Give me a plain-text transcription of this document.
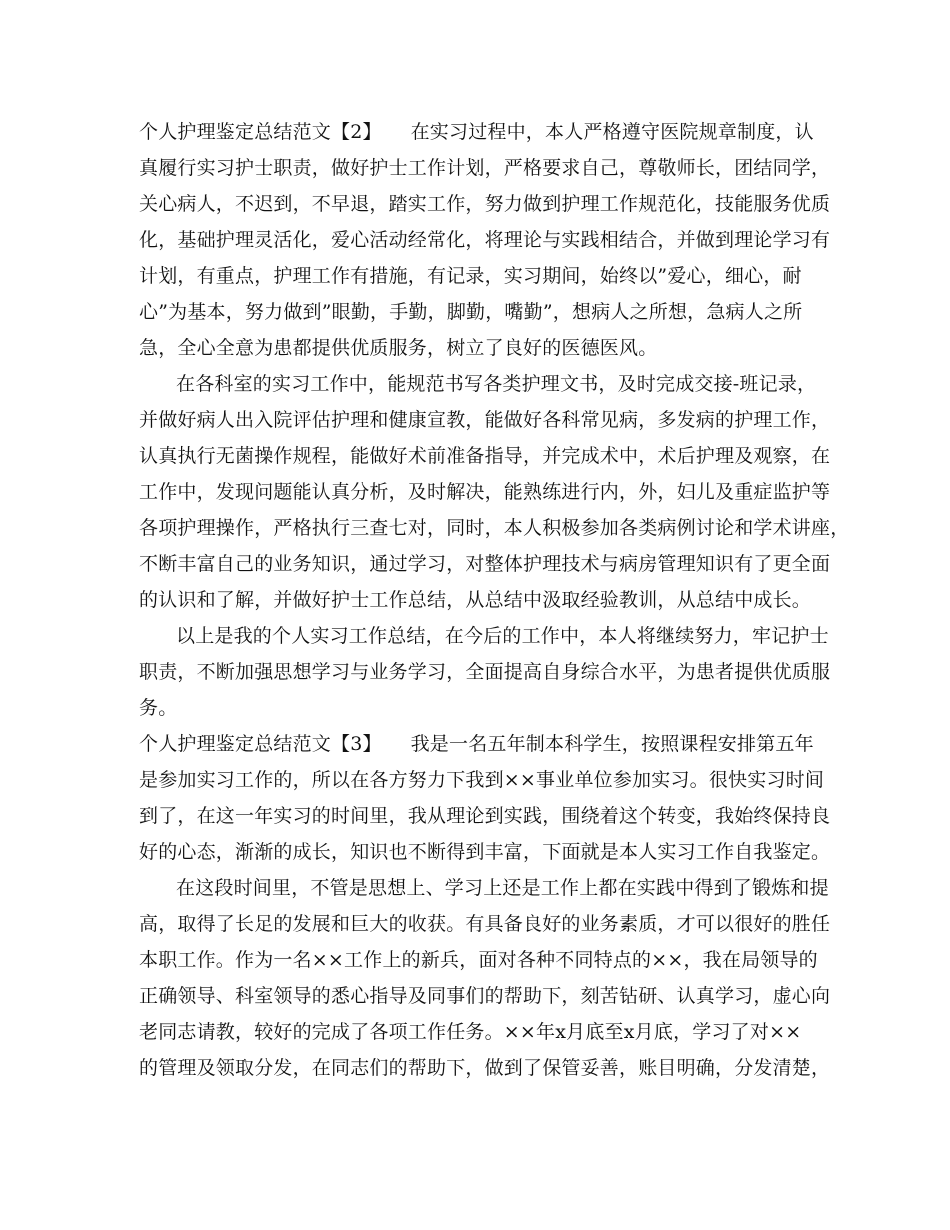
个人护理鉴定总结范文【2】　　在实习过程中，本人严格遵守医院规章制度，认
真履行实习护士职责，做好护士工作计划，严格要求自己，尊敬师长，团结同学，
关心病人，不迟到，不早退，踏实工作，努力做到护理工作规范化，技能服务优质
化，基础护理灵活化，爱心活动经常化，将理论与实践相结合，并做到理论学习有
计划，有重点，护理工作有措施，有记录，实习期间，始终以”爱心，细心，耐
心”为基本，努力做到”眼勤，手勤，脚勤，嘴勤”，想病人之所想，急病人之所
急，全心全意为患都提供优质服务，树立了良好的医德医风。
在各科室的实习工作中，能规范书写各类护理文书，及时完成交接-班记录，
并做好病人出入院评估护理和健康宣教，能做好各科常见病，多发病的护理工作，
认真执行无菌操作规程，能做好术前准备指导，并完成术中，术后护理及观察，在
工作中，发现问题能认真分析，及时解决，能熟练进行内，外，妇儿及重症监护等
各项护理操作，严格执行三查七对，同时，本人积极参加各类病例讨论和学术讲座，
不断丰富自己的业务知识，通过学习，对整体护理技术与病房管理知识有了更全面
的认识和了解，并做好护士工作总结，从总结中汲取经验教训，从总结中成长。
以上是我的个人实习工作总结，在今后的工作中，本人将继续努力，牢记护士
职责，不断加强思想学习与业务学习，全面提高自身综合水平，为患者提供优质服
务。
个人护理鉴定总结范文【3】　　我是一名五年制本科学生，按照课程安排第五年
是参加实习工作的，所以在各方努力下我到××事业单位参加实习。很快实习时间
到了，在这一年实习的时间里，我从理论到实践，围绕着这个转变，我始终保持良
好的心态，渐渐的成长，知识也不断得到丰富，下面就是本人实习工作自我鉴定。
在这段时间里，不管是思想上、学习上还是工作上都在实践中得到了锻炼和提
高，取得了长足的发展和巨大的收获。有具备良好的业务素质，才可以很好的胜任
本职工作。作为一名××工作上的新兵，面对各种不同特点的××，我在局领导的
正确领导、科室领导的悉心指导及同事们的帮助下，刻苦钻研、认真学习，虚心向
老同志请教，较好的完成了各项工作任务。××年x月底至x月底，学习了对××
的管理及领取分发，在同志们的帮助下，做到了保管妥善，账目明确，分发清楚，
